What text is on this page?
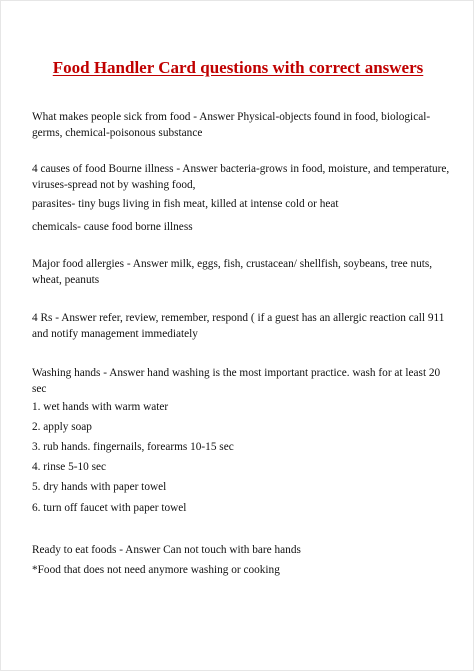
Food Handler Card questions with correct answers
What makes people sick from food - Answer Physical-objects found in food, biological-germs, chemical-poisonous substance
4 causes of food Bourne illness - Answer bacteria-grows in food, moisture, and temperature, viruses-spread not by washing food,
parasites- tiny bugs living in fish meat, killed at intense cold or heat
chemicals- cause food borne illness
Major food allergies - Answer milk, eggs, fish, crustacean/ shellfish, soybeans, tree nuts, wheat, peanuts
4 Rs - Answer refer, review, remember, respond ( if a guest has an allergic reaction call 911 and notify management immediately
Washing hands - Answer hand washing is the most important practice. wash for at least 20 sec
1. wet hands with warm water
2. apply soap
3. rub hands. fingernails, forearms 10-15 sec
4. rinse 5-10 sec
5. dry hands with paper towel
6. turn off faucet with paper towel
Ready to eat foods - Answer Can not touch with bare hands
*Food that does not need anymore washing or cooking
